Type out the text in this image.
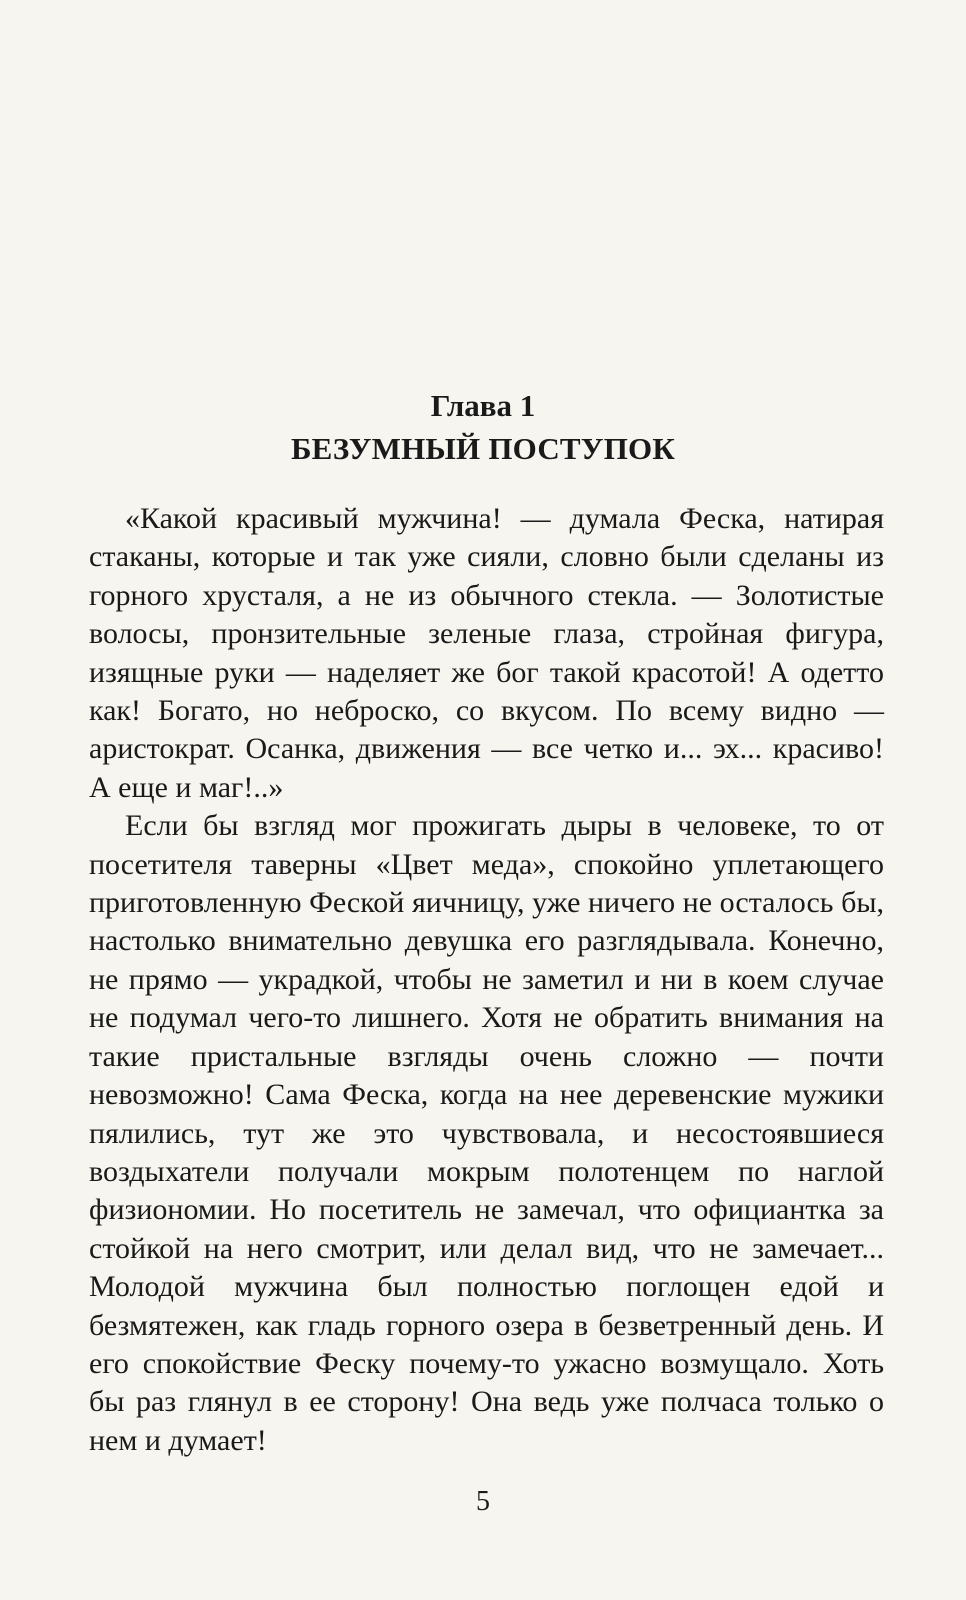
Глава 1
БЕЗУМНЫЙ ПОСТУПОК

«Какой красивый мужчина! — думала Феска, натирая стаканы, которые и так уже сияли, словно были сделаны из горного хрусталя, а не из обычного стекла. — Золотистые волосы, пронзительные зеленые глаза, стройная фигура, изящные руки — наделяет же бог такой красотой! А одетто как! Богато, но неброско, со вкусом. По всему видно — аристократ. Осанка, движения — все четко и... эх... красиво! А еще и маг!..»

Если бы взгляд мог прожигать дыры в человеке, то от посетителя таверны «Цвет меда», спокойно уплетающего приготовленную Феской яичницу, уже ничего не осталось бы, настолько внимательно девушка его разглядывала. Конечно, не прямо — украдкой, чтобы не заметил и ни в коем случае не подумал чего-то лишнего. Хотя не обратить внимания на такие пристальные взгляды очень сложно — почти невозможно! Сама Феска, когда на нее деревенские мужики пялились, тут же это чувствовала, и несостоявшиеся воздыхатели получали мокрым полотенцем по наглой физиономии. Но посетитель не замечал, что официантка за стойкой на него смотрит, или делал вид, что не замечает... Молодой мужчина был полностью поглощен едой и безмятежен, как гладь горного озера в безветренный день. И его спокойствие Феску почему-то ужасно возмущало. Хоть бы раз глянул в ее сторону! Она ведь уже полчаса только о нем и думает!

5
